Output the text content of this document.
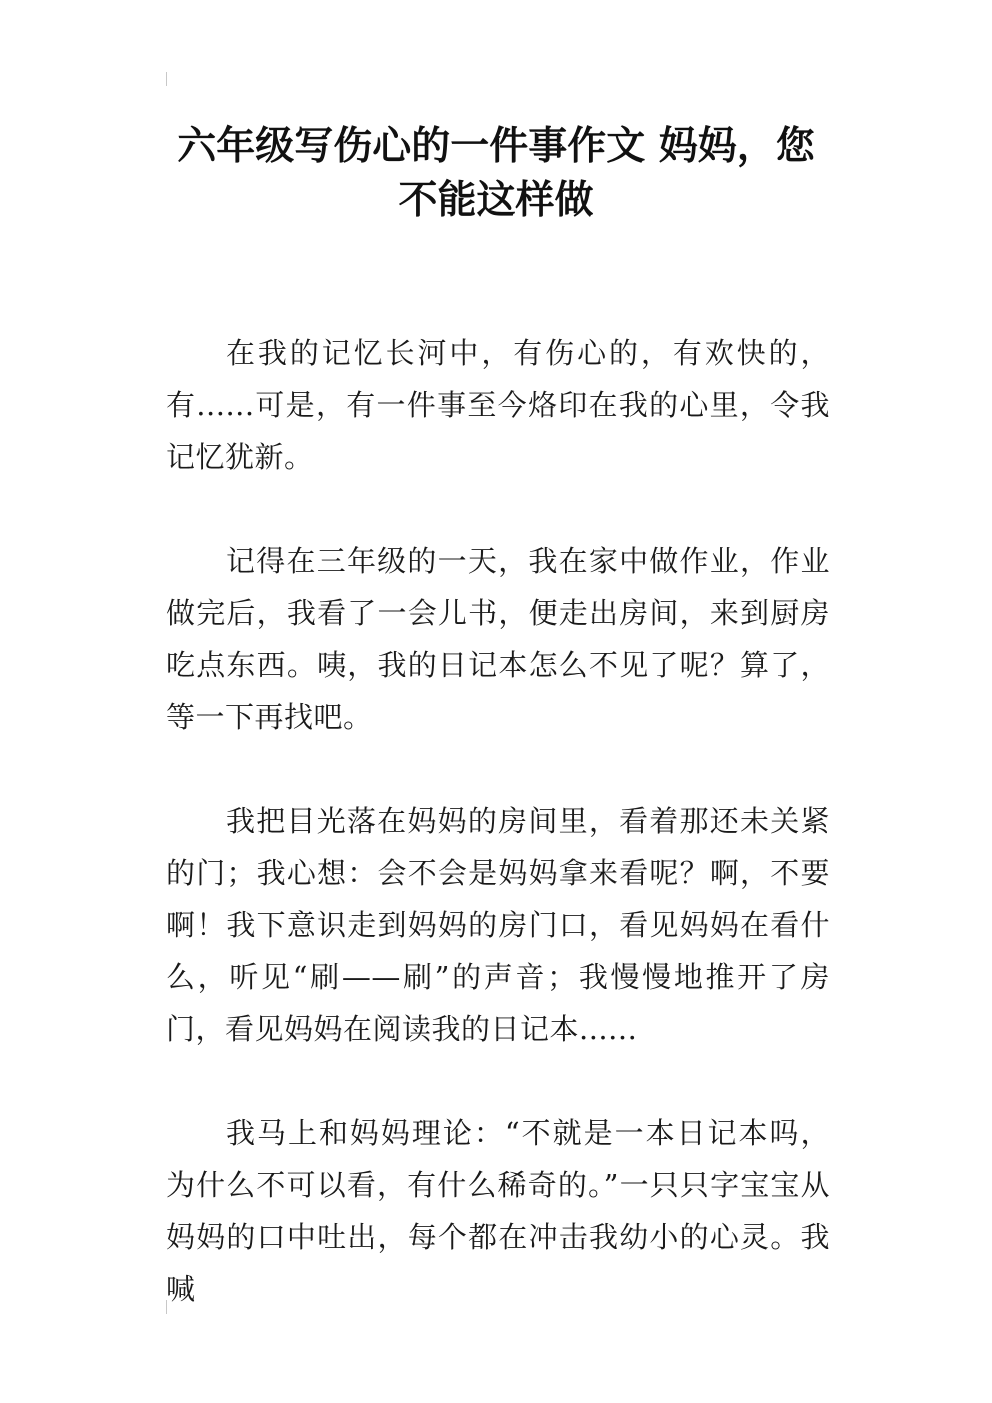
六年级写伤心的一件事作文 妈妈，您
不能这样做

在我的记忆长河中，有伤心的，有欢快的，有......可是，有一件事至今烙印在我的心里，令我记忆犹新。

记得在三年级的一天，我在家中做作业，作业做完后，我看了一会儿书，便走出房间，来到厨房吃点东西。咦，我的日记本怎么不见了呢？算了，等一下再找吧。

我把目光落在妈妈的房间里，看着那还未关紧的门；我心想：会不会是妈妈拿来看呢？啊，不要啊！我下意识走到妈妈的房门口，看见妈妈在看什么，听见“刷——刷”的声音；我慢慢地推开了房门，看见妈妈在阅读我的日记本......

我马上和妈妈理论：“不就是一本日记本吗，为什么不可以看，有什么稀奇的。”一只只字宝宝从妈妈的口中吐出，每个都在冲击我幼小的心灵。我喊
